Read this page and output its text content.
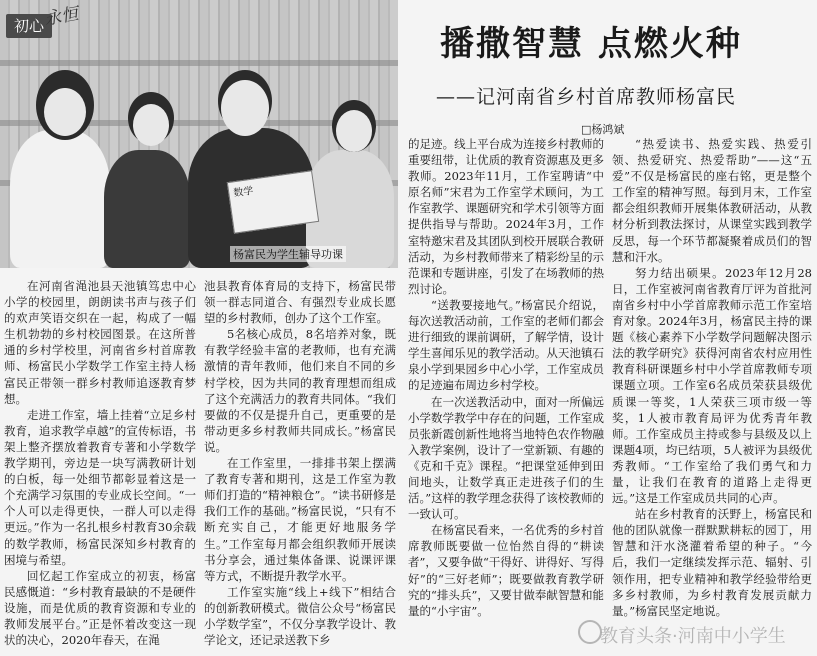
数学
杨富民为学生辅导功课
初心
永恒
播撒智慧 点燃火种
——记河南省乡村首席教师杨富民
□杨鸿斌

在河南省渑池县天池镇笃忠中心小学的校园里，朗朗读书声与孩子们的欢声笑语交织在一起，构成了一幅生机勃勃的乡村校园图景。在这所普通的乡村学校里，河南省乡村首席教师、杨富民小学数学工作室主持人杨富民正带领一群乡村教师追逐教育梦想。

走进工作室，墙上挂着“立足乡村教育，追求教学卓越”的宣传标语，书架上整齐摆放着教育专著和小学数学教学期刊，旁边是一块写满教研计划的白板，每一处细节都彰显着这是一个充满学习氛围的专业成长空间。“一个人可以走得更快，一群人可以走得更远。”作为一名扎根乡村教育30余载的数学教师，杨富民深知乡村教育的困境与希望。

回忆起工作室成立的初衷，杨富民感慨道：“乡村教育最缺的不是硬件设施，而是优质的教育资源和专业的教师发展平台。”正是怀着改变这一现状的决心，2020年春天，在渑

池县教育体育局的支持下，杨富民带领一群志同道合、有强烈专业成长愿望的乡村教师，创办了这个工作室。

5名核心成员，8名培养对象，既有教学经验丰富的老教师，也有充满激情的青年教师，他们来自不同的乡村学校，因为共同的教育理想而组成了这个充满活力的教育共同体。“我们要做的不仅是提升自己，更重要的是带动更多乡村教师共同成长。”杨富民说。

在工作室里，一排排书架上摆满了教育专著和期刊，这是工作室为教师们打造的“精神粮仓”。“读书研修是我们工作的基础。”杨富民说，“只有不断充实自己，才能更好地服务学生。”工作室每月都会组织教师开展读书分享会，通过集体备课、说课评课等方式，不断提升教学水平。

工作室实施“线上+线下”相结合的创新教研模式。微信公众号“杨富民小学数学室”，不仅分享教学设计、教学论文，还记录送教下乡

的足迹。线上平台成为连接乡村教师的重要纽带，让优质的教育资源惠及更多教师。2023年11月，工作室聘请“中原名师”宋君为工作室学术顾问，为工作室教学、课题研究和学术引领等方面提供指导与帮助。2024年3月，工作室特邀宋君及其团队到校开展联合教研活动，为乡村教师带来了精彩纷呈的示范课和专题讲座，引发了在场教师的热烈讨论。

“送教要接地气。”杨富民介绍说，每次送教活动前，工作室的老师们都会进行细致的课前调研，了解学情，设计学生喜闻乐见的教学活动。从天池镇石泉小学到果园乡中心小学，工作室成员的足迹遍布周边乡村学校。

在一次送教活动中，面对一所偏远小学数学教学中存在的问题，工作室成员张新霞创新性地将当地特色农作物融入教学案例，设计了一堂新颖、有趣的《克和千克》课程。“把课堂延伸到田间地头，让数学真正走进孩子们的生活。”这样的教学理念获得了该校教师的一致认可。

在杨富民看来，一名优秀的乡村首席教师既要做一位怡然自得的“耕读者”，又要争做“干得好、讲得好、写得好”的“三好老师”；既要做教育教学研究的“排头兵”，又要甘做奉献智慧和能量的“小宇宙”。

“热爱读书、热爱实践、热爱引领、热爱研究、热爱帮助”——这“五爱”不仅是杨富民的座右铭，更是整个工作室的精神写照。每到月末，工作室都会组织教师开展集体教研活动，从教材分析到教法探讨，从课堂实践到教学反思，每一个环节都凝聚着成员们的智慧和汗水。

努力结出硕果。2023年12月28日，工作室被河南省教育厅评为首批河南省乡村中小学首席教师示范工作室培育对象。2024年3月，杨富民主持的课题《核心素养下小学数学问题解决图示法的教学研究》获得河南省农村应用性教育科研课题乡村中小学首席教师专项课题立项。工作室6名成员荣获县级优质课一等奖，1人荣获三项市级一等奖，1人被市教育局评为优秀青年教师。工作室成员主持或参与县级及以上课题4项，均已结项，5人被评为县级优秀教师。“工作室给了我们勇气和力量，让我们在教育的道路上走得更远。”这是工作室成员共同的心声。

站在乡村教育的沃野上，杨富民和他的团队就像一群默默耕耘的园丁，用智慧和汗水浇灌着希望的种子。“今后，我们一定继续发挥示范、辐射、引领作用，把专业精神和教学经验带给更多乡村教师，为乡村教育发展贡献力量。”杨富民坚定地说。

教育头条·河南中小学生
